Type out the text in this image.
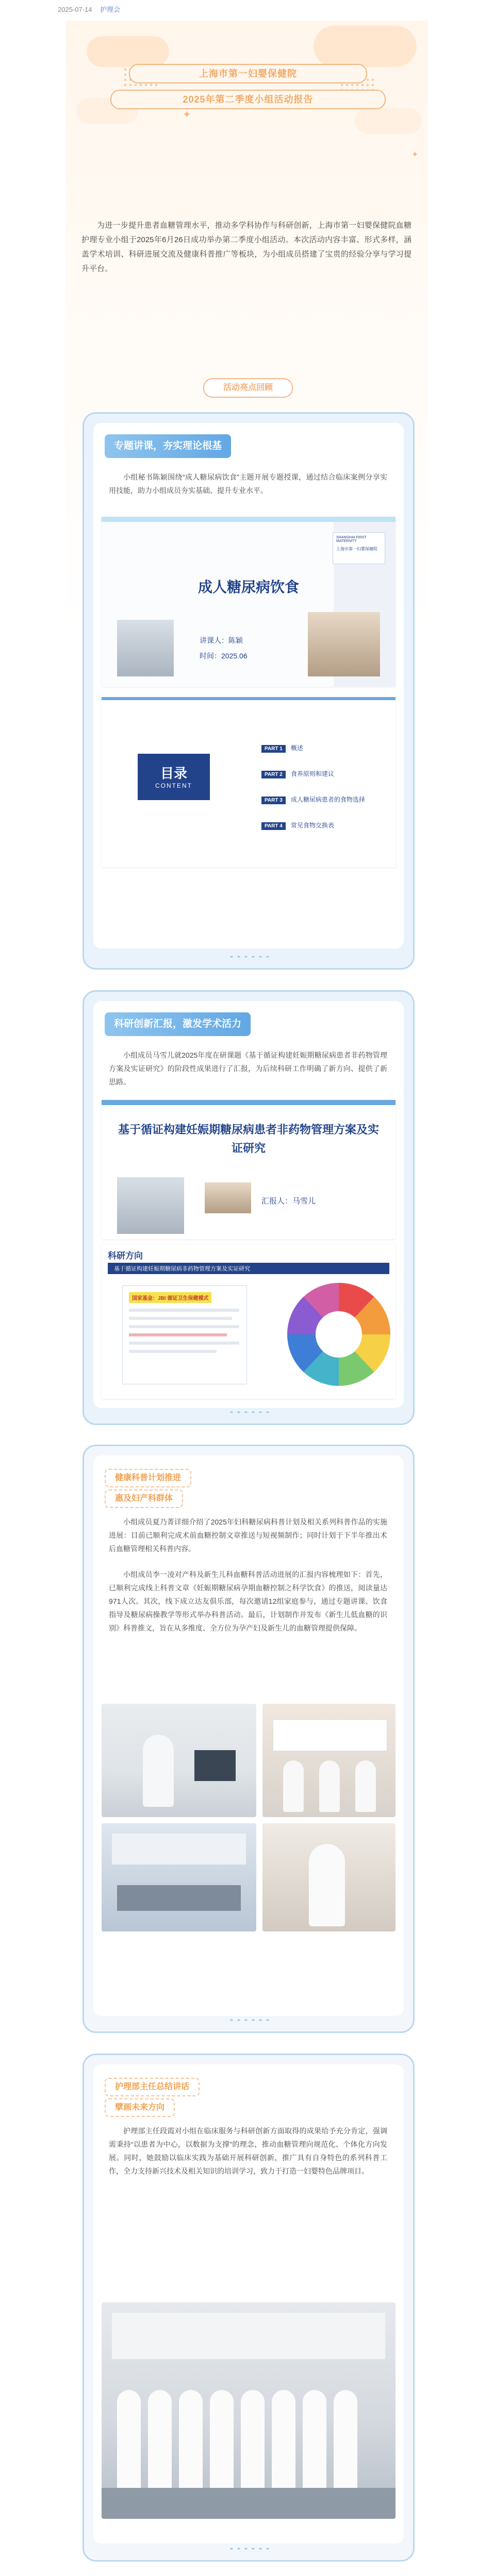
2025-07-14 护理会
✦
✦
上海市第一妇婴保健院
2025年第二季度小组活动报告
为进一步提升患者血糖管理水平，推动多学科协作与科研创新，上海市第一妇婴保健院血糖护理专业小组于2025年6月26日成功举办第二季度小组活动。本次活动内容丰富、形式多样，涵盖学术培训、科研进展交流及健康科普推广等板块，为小组成员搭建了宝贵的经验分享与学习提升平台。
活动亮点回顾
专题讲课，夯实理论根基
小组秘书陈颖围绕“成人糖尿病饮食”主题开展专题授课，通过结合临床案例分享实用技能，助力小组成员夯实基础、提升专业水平。
SHANGHAI FIRST MATERNITY
上海市第一妇婴保健院
成人糖尿病饮食
讲课人：陈颖
时间：2025.06
目录
CONTENT
PART 1 概述
PART 2 食养原则和建议
PART 3 成人糖尿病患者的食物选择
PART 4 常见食物交换表
科研创新汇报，激发学术活力
小组成员马雪儿就2025年度在研课题《基于循证构建妊娠期糖尿病患者非药物管理方案及实证研究》的阶段性成果进行了汇报，为后续科研工作明确了新方向、提供了新思路。
基于循证构建妊娠期糖尿病患者非药物管理方案及实证研究
汇报人：马雪儿
科研方向
基于循证构建妊娠期糖尿病非药物管理方案及实证研究
国家基金：JBI 循证卫生保健模式
健康科普计划推进
惠及妇产科群体
小组成员夏乃菁详细介绍了2025年妇科糖尿病科普计划及相关系列科普作品的实施进展：目前已顺利完成术前血糖控制文章推送与短视频制作；同时计划于下半年推出术后血糖管理相关科普内容。
小组成员李一凌对产科及新生儿科血糖科普活动进展的汇报内容梳理如下：首先，已顺利完成线上科普文章《妊娠期糖尿病孕期血糖控制之科学饮食》的推送，阅读量达971人次。其次，线下成立达友俱乐部，每次邀请12组家庭参与，通过专题讲课、饮食指导及糖尿病操教学等形式举办科普活动。最后，计划制作并发布《新生儿低血糖的识别》科普推文，旨在从多维度、全方位为孕产妇及新生儿的血糖管理提供保障。
护理部主任总结讲话
擘画未来方向
护理部主任段霞对小组在临床服务与科研创新方面取得的成果给予充分肯定，强调需秉持“以患者为中心，以数据为支撑”的理念，推动血糖管理向规范化、个体化方向发展。同时，她鼓励以临床实践为基础开展科研创新，推广具有自身特色的系列科普工作，全力支持新兴技术及相关知识的培训学习，致力于打造一妇婴特色品牌项目。
